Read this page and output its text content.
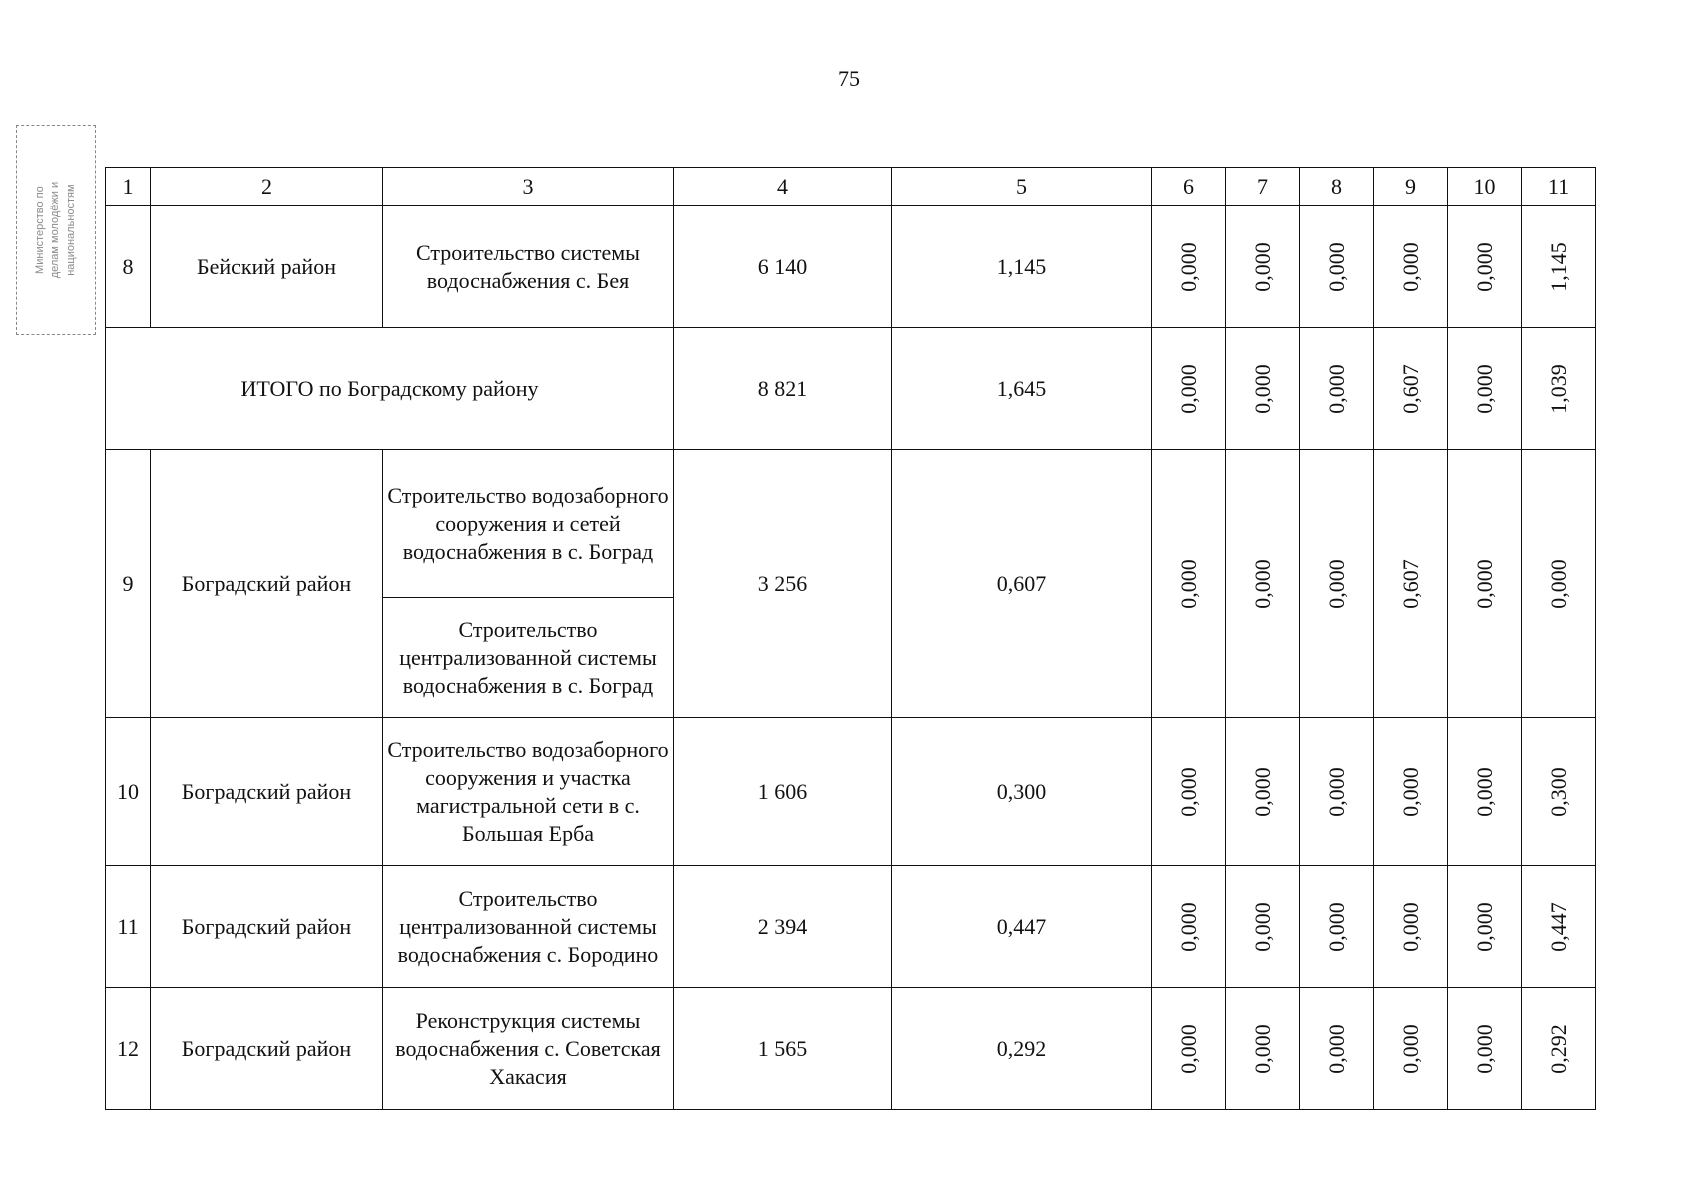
75
Министерство по делам молодёжи и национальностям 1	2	3	4	5	6	7	8	9	10	11
8	Бейский район	Строительство системы водоснабжения с. Бея	6 140	1,145	0,000	0,000	0,000	0,000	0,000	1,145
ИТОГО по Боградскому району			8 821	1,645	0,000	0,000	0,000	0,607	0,000	1,039
9	Боградский район	Строительство водозаборного сооружения и сетей водоснабжения в с. Боград	3 256	0,607	0,000	0,000	0,000	0,607	0,000	0,000
		Строительство централизованной системы водоснабжения в с. Боград								
10	Боградский район	Строительство водозаборного сооружения и участка магистральной сети в с. Большая Ерба	1 606	0,300	0,000	0,000	0,000	0,000	0,000	0,300
11	Боградский район	Строительство централизованной системы водоснабжения с. Бородино	2 394	0,447	0,000	0,000	0,000	0,000	0,000	0,447
12	Боградский район	Реконструкция системы водоснабжения с. Советская Хакасия	1 565	0,292	0,000	0,000	0,000	0,000	0,000	0,292
